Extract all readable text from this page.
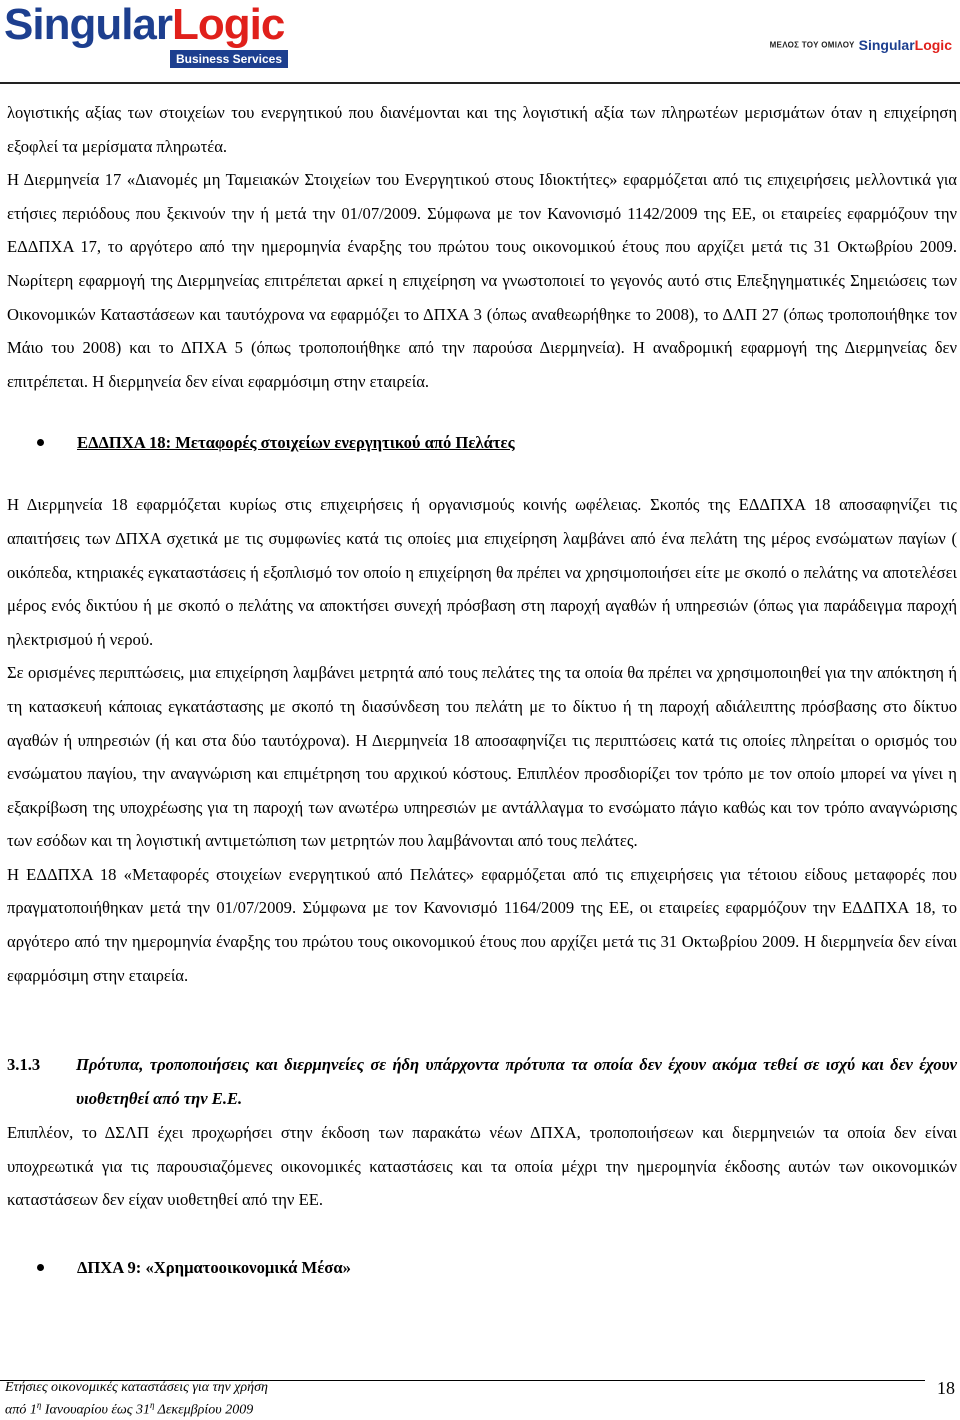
SingularLogic
Business Services
ΜΕΛΟΣ ΤΟΥ ΟΜΙΛΟΥ SingularLogic

λογιστικής αξίας των στοιχείων του ενεργητικού που διανέμονται και της λογιστική αξία των πληρωτέων μερισμάτων όταν η επιχείρηση εξοφλεί τα μερίσματα πληρωτέα.

Η Διερμηνεία 17 «Διανομές μη Ταμειακών Στοιχείων του Ενεργητικού στους Ιδιοκτήτες» εφαρμόζεται από τις επιχειρήσεις μελλοντικά για ετήσιες περιόδους που ξεκινούν την ή μετά την 01/07/2009. Σύμφωνα με τον Κανονισμό 1142/2009 της ΕΕ, οι εταιρείες εφαρμόζουν την ΕΔΔΠΧΑ 17, το αργότερο από την ημερομηνία έναρξης του πρώτου τους οικονομικού έτους που αρχίζει μετά τις 31 Οκτωβρίου 2009. Νωρίτερη εφαρμογή της Διερμηνείας επιτρέπεται αρκεί η επιχείρηση να γνωστοποιεί το γεγονός αυτό στις Επεξηγηματικές Σημειώσεις των Οικονομικών Καταστάσεων και ταυτόχρονα να εφαρμόζει το ΔΠΧΑ 3 (όπως αναθεωρήθηκε το 2008), το ΔΛΠ 27 (όπως τροποποιήθηκε τον Μάιο του 2008) και το ΔΠΧΑ 5 (όπως τροποποιήθηκε από την παρούσα Διερμηνεία). Η αναδρομική εφαρμογή της Διερμηνείας δεν επιτρέπεται. Η διερμηνεία δεν είναι εφαρμόσιμη στην εταιρεία.

ΕΔΔΠΧΑ 18: Μεταφορές στοιχείων ενεργητικού από Πελάτες

Η Διερμηνεία 18 εφαρμόζεται κυρίως στις επιχειρήσεις ή οργανισμούς κοινής ωφέλειας. Σκοπός της ΕΔΔΠΧΑ 18 αποσαφηνίζει τις απαιτήσεις των ΔΠΧΑ σχετικά με τις συμφωνίες κατά τις οποίες μια επιχείρηση λαμβάνει από ένα πελάτη της μέρος ενσώματων παγίων ( οικόπεδα, κτηριακές εγκαταστάσεις ή εξοπλισμό τον οποίο η επιχείρηση θα πρέπει να χρησιμοποιήσει είτε με σκοπό ο πελάτης να αποτελέσει μέρος ενός δικτύου ή με σκοπό ο πελάτης να αποκτήσει συνεχή πρόσβαση στη παροχή αγαθών ή υπηρεσιών (όπως για παράδειγμα παροχή ηλεκτρισμού ή νερού.

Σε ορισμένες περιπτώσεις, μια επιχείρηση λαμβάνει μετρητά από τους πελάτες της τα οποία θα πρέπει να χρησιμοποιηθεί για την απόκτηση ή τη κατασκευή κάποιας εγκατάστασης με σκοπό τη διασύνδεση του πελάτη με το δίκτυο ή τη παροχή αδιάλειπτης πρόσβασης στο δίκτυο αγαθών ή υπηρεσιών (ή και στα δύο ταυτόχρονα). Η Διερμηνεία 18 αποσαφηνίζει τις περιπτώσεις κατά τις οποίες πληρείται ο ορισμός του ενσώματου παγίου, την αναγνώριση και επιμέτρηση του αρχικού κόστους. Επιπλέον προσδιορίζει τον τρόπο με τον οποίο μπορεί να γίνει η εξακρίβωση της υποχρέωσης για τη παροχή των ανωτέρω υπηρεσιών με αντάλλαγμα το ενσώματο πάγιο καθώς και τον τρόπο αναγνώρισης των εσόδων και τη λογιστική αντιμετώπιση των μετρητών που λαμβάνονται από τους πελάτες.

Η ΕΔΔΠΧΑ 18 «Μεταφορές στοιχείων ενεργητικού από Πελάτες» εφαρμόζεται από τις επιχειρήσεις για τέτοιου είδους μεταφορές που πραγματοποιήθηκαν μετά την 01/07/2009. Σύμφωνα με τον Κανονισμό 1164/2009 της ΕΕ, οι εταιρείες εφαρμόζουν την ΕΔΔΠΧΑ 18, το αργότερο από την ημερομηνία έναρξης του πρώτου τους οικονομικού έτους που αρχίζει μετά τις 31 Οκτωβρίου 2009. Η διερμηνεία δεν είναι εφαρμόσιμη στην εταιρεία.

3.1.3	Πρότυπα, τροποποιήσεις και διερμηνείες σε ήδη υπάρχοντα πρότυπα τα οποία δεν έχουν ακόμα τεθεί σε ισχύ και δεν έχουν υιοθετηθεί από την Ε.Ε.

Επιπλέον, το ΔΣΛΠ έχει προχωρήσει στην έκδοση των παρακάτω νέων ΔΠΧΑ, τροποποιήσεων και διερμηνειών τα οποία δεν είναι υποχρεωτικά για τις παρουσιαζόμενες οικονομικές καταστάσεις και τα οποία μέχρι την ημερομηνία έκδοσης αυτών των οικονομικών καταστάσεων δεν είχαν υιοθετηθεί από την ΕΕ.

ΔΠΧΑ 9: «Χρηματοοικονομικά Μέσα»
Ετήσιες οικονομικές καταστάσεις για την χρήση
από $1^\eta$ Ιανουαρίου έως $31^\eta$ Δεκεμβρίου 2009
18
